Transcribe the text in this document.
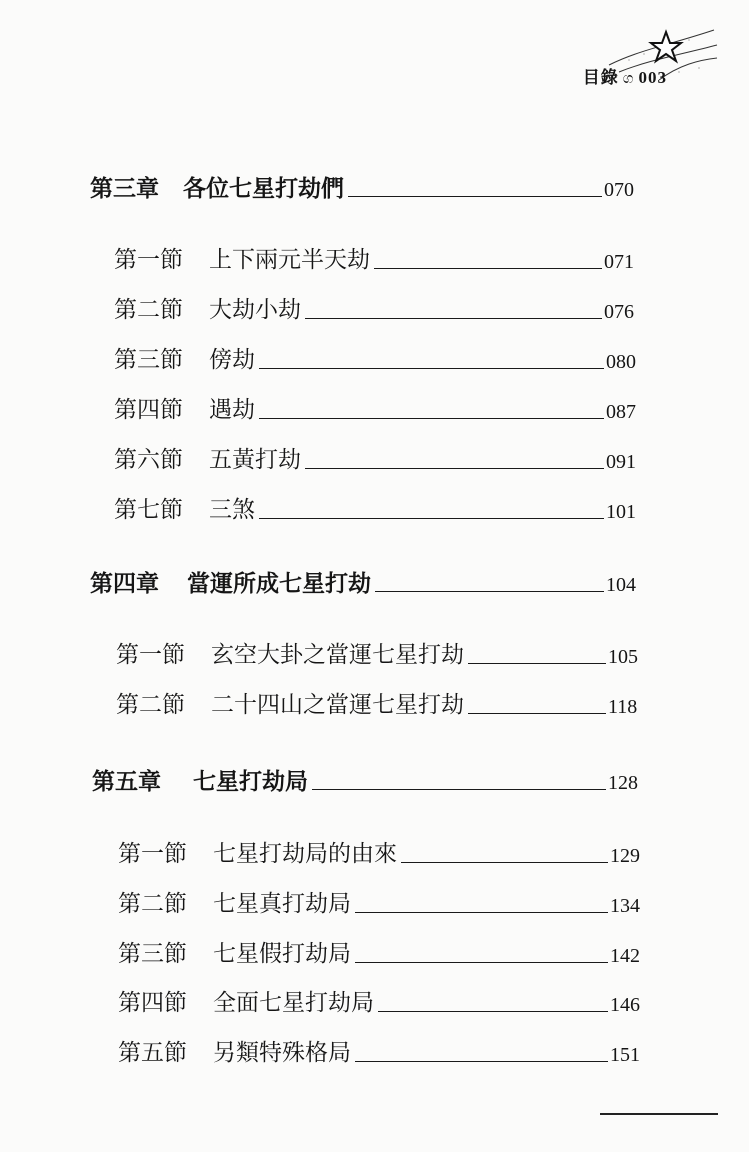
目錄 ග 003
第三章 各位七星打劫們	070
第一節 上下兩元半天劫	071
第二節 大劫小劫	076
第三節 傍劫	080
第四節 遇劫	087
第六節 五黃打劫	091
第七節 三煞	101
第四章 當運所成七星打劫	104
第一節 玄空大卦之當運七星打劫	105
第二節 二十四山之當運七星打劫	118
第五章 七星打劫局	128
第一節 七星打劫局的由來	129
第二節 七星真打劫局	134
第三節 七星假打劫局	142
第四節 全面七星打劫局	146
第五節 另類特殊格局	151
